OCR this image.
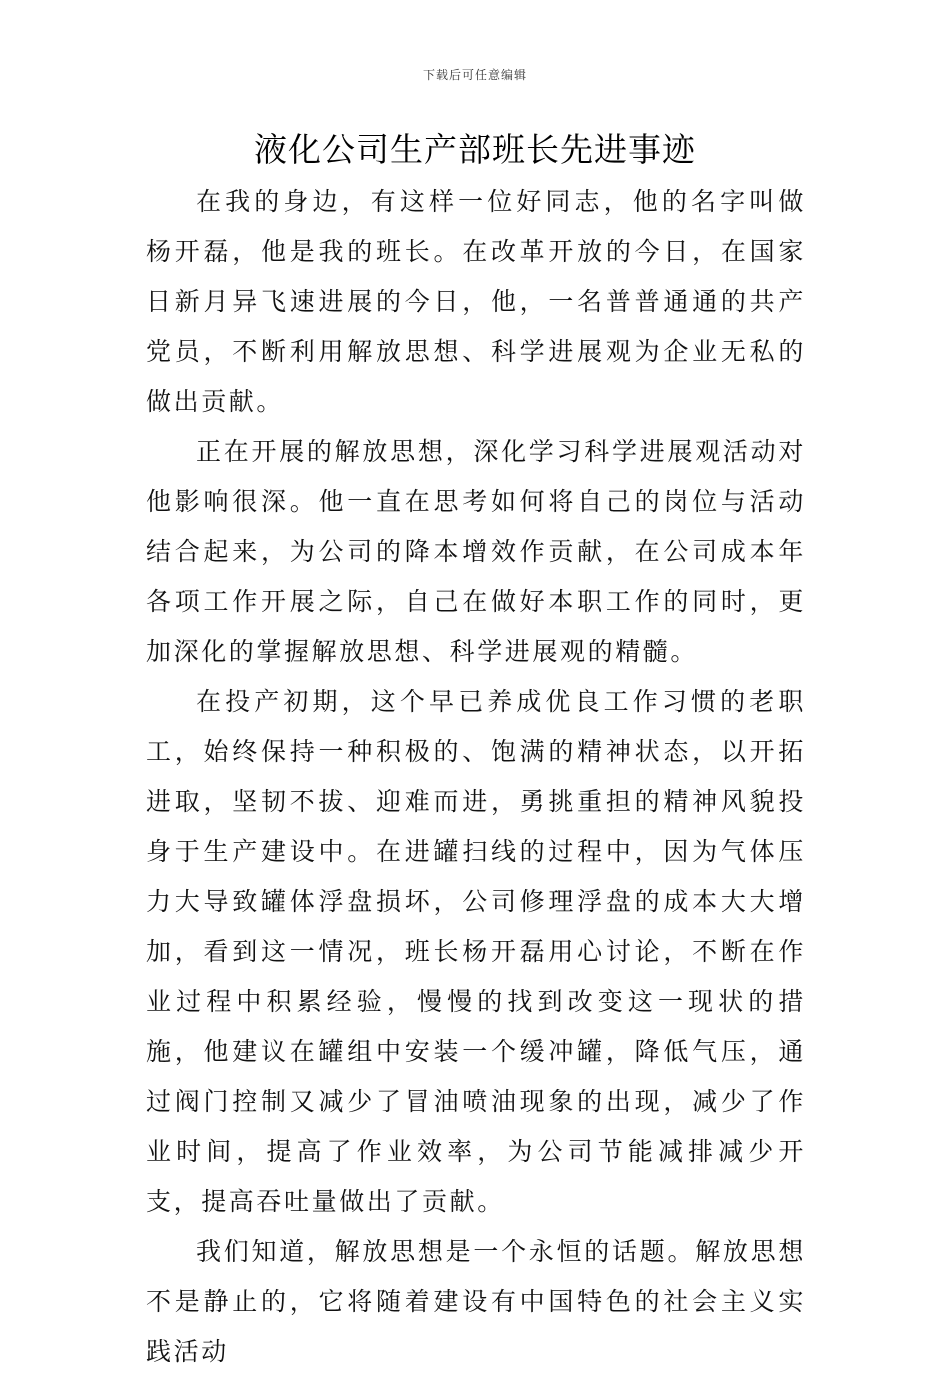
下载后可任意编辑
液化公司生产部班长先进事迹

在我的身边，有这样一位好同志，他的名字叫做 杨开磊，他是我的班长。在改革开放的今日，在国家日新月异飞速进展的今日，他，一名普普通通的共产党员，不断利用解放思想、科学进展观为企业无私的做出贡献。

正在开展的解放思想，深化学习科学进展观活动对他影响很深。他一直在思考如何将自己的岗位与活动结合起来，为公司的降本增效作贡献，在公司成本年各项工作开展之际，自己在做好本职工作的同时，更加深化的掌握解放思想、科学进展观的精髓。

在投产初期，这个早已养成优良工作习惯的老职工，始终保持一种积极的、饱满的精神状态，以开拓进取，坚韧不拔、迎难而进，勇挑重担的精神风貌投身于生产建设中。在进罐扫线的过程中，因为气体压力大导致罐体浮盘损坏，公司修理浮盘的成本大大增加，看到这一情况，班长杨开磊用心讨论，不断在作业过程中积累经验，慢慢的找到改变这一现状的措施，他建议在罐组中安装一个缓冲罐，降低气压，通过阀门控制又减少了冒油喷油现象的出现，减少了作业时间，提高了作业效率，为公司节能减排减少开支，提高吞吐量做出了贡献。

我们知道，解放思想是一个永恒的话题。解放思想不是静止的，它将随着建设有中国特色的社会主义实践活动
